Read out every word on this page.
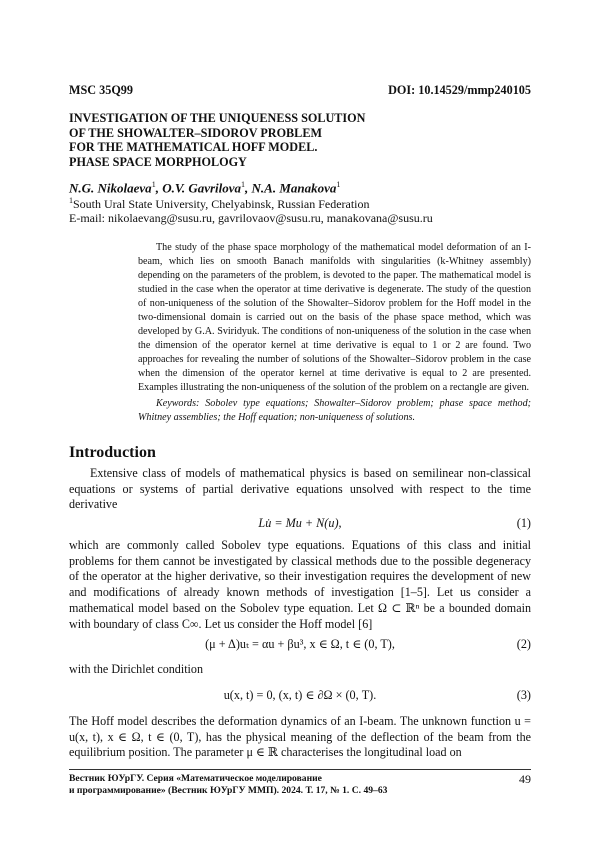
MSC 35Q99	DOI: 10.14529/mmp240105
INVESTIGATION OF THE UNIQUENESS SOLUTION
OF THE SHOWALTER–SIDOROV PROBLEM
FOR THE MATHEMATICAL HOFF MODEL.
PHASE SPACE MORPHOLOGY
N.G. Nikolaeva$^1$, O.V. Gavrilova$^1$, N.A. Manakova$^1$
$^1$South Ural State University, Chelyabinsk, Russian Federation
E-mail: nikolaevang@susu.ru, gavrilovaov@susu.ru, manakovana@susu.ru

The study of the phase space morphology of the mathematical model deformation of an I-beam, which lies on smooth Banach manifolds with singularities (k-Whitney assembly) depending on the parameters of the problem, is devoted to the paper. The mathematical model is studied in the case when the operator at time derivative is degenerate. The study of the question of non-uniqueness of the solution of the Showalter–Sidorov problem for the Hoff model in the two-dimensional domain is carried out on the basis of the phase space method, which was developed by G.A. Sviridyuk. The conditions of non-uniqueness of the solution in the case when the dimension of the operator kernel at time derivative is equal to 1 or 2 are found. Two approaches for revealing the number of solutions of the Showalter–Sidorov problem in the case when the dimension of the operator kernel at time derivative is equal to 2 are presented. Examples illustrating the non-uniqueness of the solution of the problem on a rectangle are given.

Keywords: Sobolev type equations; Showalter–Sidorov problem; phase space method; Whitney assemblies; the Hoff equation; non-uniqueness of solutions.

Introduction

Extensive class of models of mathematical physics is based on semilinear non-classical equations or systems of partial derivative equations unsolved with respect to the time derivative

Lu̇ = Mu + N(u),	(1)

which are commonly called Sobolev type equations. Equations of this class and initial problems for them cannot be investigated by classical methods due to the possible degeneracy of the operator at the higher derivative, so their investigation requires the development of new and modifications of already known methods of investigation [1–5]. Let us consider a mathematical model based on the Sobolev type equation. Let Ω ⊂ ℝⁿ be a bounded domain with boundary of class C∞. Let us consider the Hoff model [6]

(μ + Δ)uₜ = αu + βu³, x ∈ Ω, t ∈ (0, T),	(2)

with the Dirichlet condition

u(x, t) = 0, (x, t) ∈ ∂Ω × (0, T).	(3)

The Hoff model describes the deformation dynamics of an I-beam. The unknown function u = u(x, t), x ∈ Ω, t ∈ (0, T), has the physical meaning of the deflection of the beam from the equilibrium position. The parameter μ ∈ ℝ characterises the longitudinal load on

Вестник ЮУрГУ. Серия «Математическое моделирование
и программирование» (Вестник ЮУрГУ ММП). 2024. Т. 17, № 1. С. 49–63
49
